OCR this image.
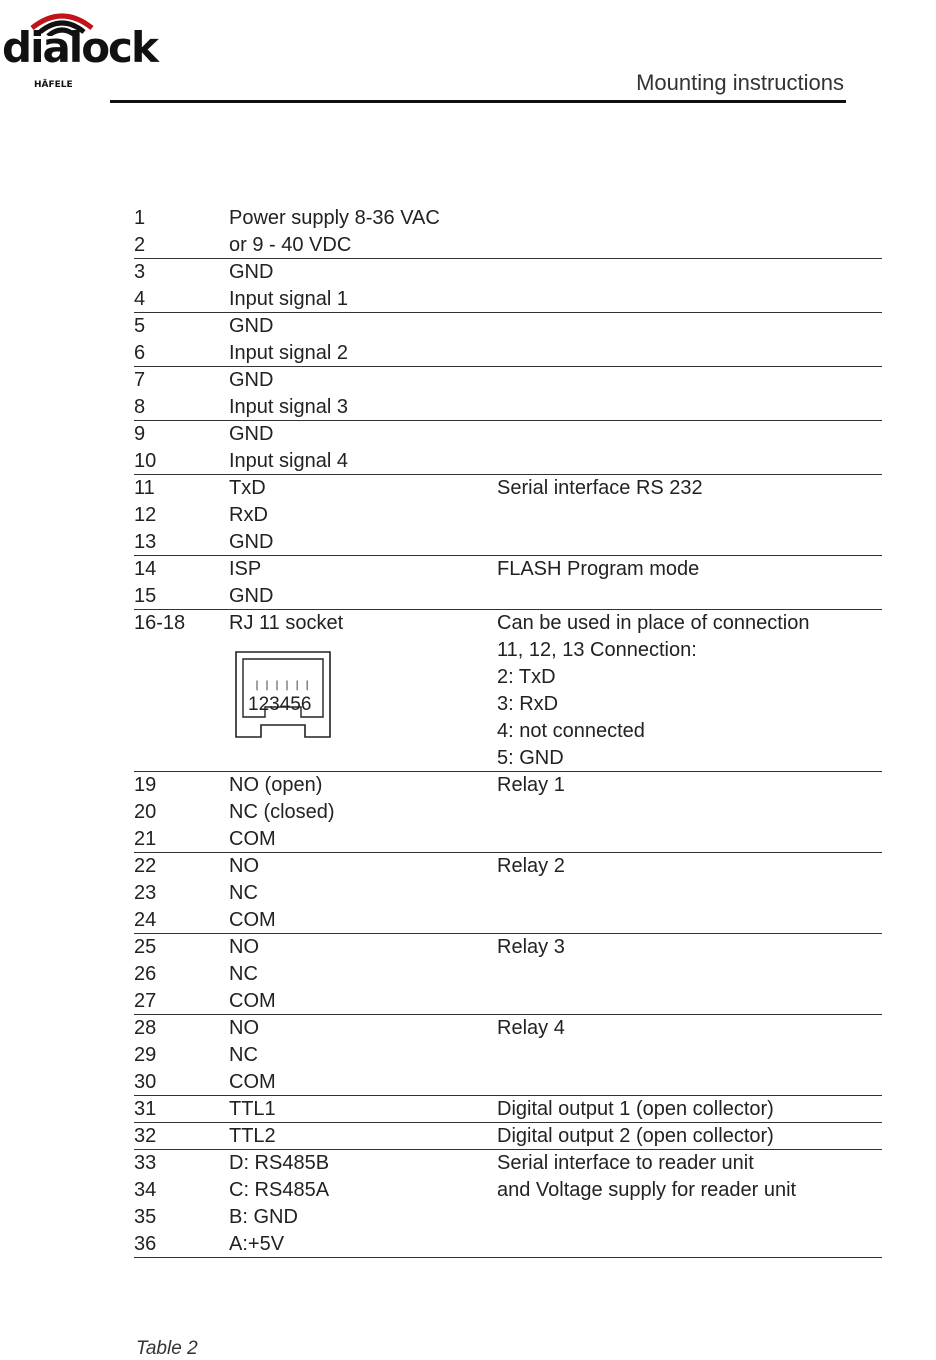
dialock
HÄFELE	Mounting instructions
1	Power supply 8-36 VAC
2	or 9 - 40 VDC
3	GND
4	Input signal 1
5	GND
6	Input signal 2
7	GND
8	Input signal 3
9	GND
10	Input signal 4
11	TxD	Serial interface RS 232
12	RxD
13	GND
14	ISP	FLASH Program mode
15	GND
16-18 RJ 11 socket	Can be used in place of connection
11, 12, 13 Connection:
2: TxD
3: RxD
4: not connected
5: GND
||||||
123456
19	NO (open)	Relay 1
20	NC (closed)
21	COM
22	NO	Relay 2
23	NC
24	COM
25	NO	Relay 3
26	NC
27	COM
28	NO	Relay 4
29	NC
30	COM
31	TTL1	Digital output 1 (open collector)
32	TTL2	Digital output 2 (open collector)
33	D: RS485B	Serial interface to reader unit
34	C: RS485A	and Voltage supply for reader unit
35	B: GND
36	A:+5V
Table 2
